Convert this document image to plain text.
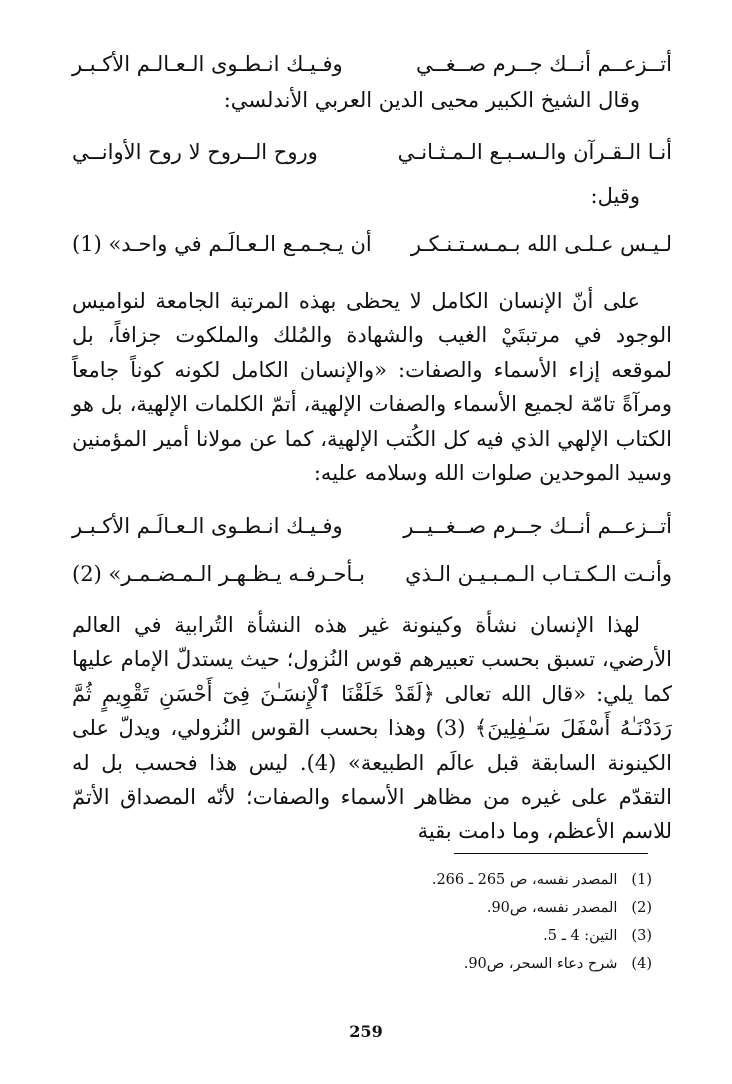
أتــزعــم أنــك جــرم صــغــي
وفـيـك انـطـوى الـعـالـم الأكـبـر
وقال الشيخ الكبير محيى الدين العربي الأندلسي:
أنـا الـقـرآن والـسـبـع الـمـثـانـي
وروح الــروح لا روح الأوانــي
وقيل:
لـيـس عـلـى الله بـمـسـتـنـكـر
أن يـجـمـع الـعـالَـم في واحـد» (1)
على أنّ الإنسان الكامل لا يحظى بهذه المرتبة الجامعة لنواميس الوجود في مرتبتَيْ الغيب والشهادة والمُلك والملكوت جزافاً، بل لموقعه إزاء الأسماء والصفات: «والإنسان الكامل لكونه كوناً جامعاً ومرآةً تامّة لجميع الأسماء والصفات الإلهية، أتمّ الكلمات الإلهية، بل هو الكتاب الإلهي الذي فيه كل الكُتب الإلهية، كما عن مولانا أمير المؤمنين وسيد الموحدين صلوات الله وسلامه عليه:
أتــزعــم أنــك جــرم صــغــيــر
وفـيـك انـطـوى الـعـالَـم الأكـبـر
وأنـت الـكـتـاب الـمـبـيـن الـذي
بـأحـرفـه يـظـهـر الـمـضـمـر» (2)
لهذا الإنسان نشأة وكينونة غير هذه النشأة التُرابية في العالم الأرضي، تسبق بحسب تعبيرهم قوس النُزول؛ حيث يستدلّ الإمام عليها كما يلي: «قال الله تعالى ﴿لَقَدْ خَلَقْنَا ٱلْإِنسَـٰنَ فِىٓ أَحْسَنِ تَقْوِيمٍ ثُمَّ رَدَدْنَـٰهُ أَسْفَلَ سَـٰفِلِينَ﴾ (3) وهذا بحسب القوس النُزولي، ويدلّ على الكينونة السابقة قبل عالَم الطبيعة» (4). ليس هذا فحسب بل له التقدّم على غيره من مظاهر الأسماء والصفات؛ لأنّه المصداق الأتمّ للاسم الأعظم، وما دامت بقية
(1)المصدر نفسه، ص 265 ـ 266.
(2)المصدر نفسه، ص90.
(3)التين: 4 ـ 5.
(4)شرح دعاء السحر، ص90.
259
